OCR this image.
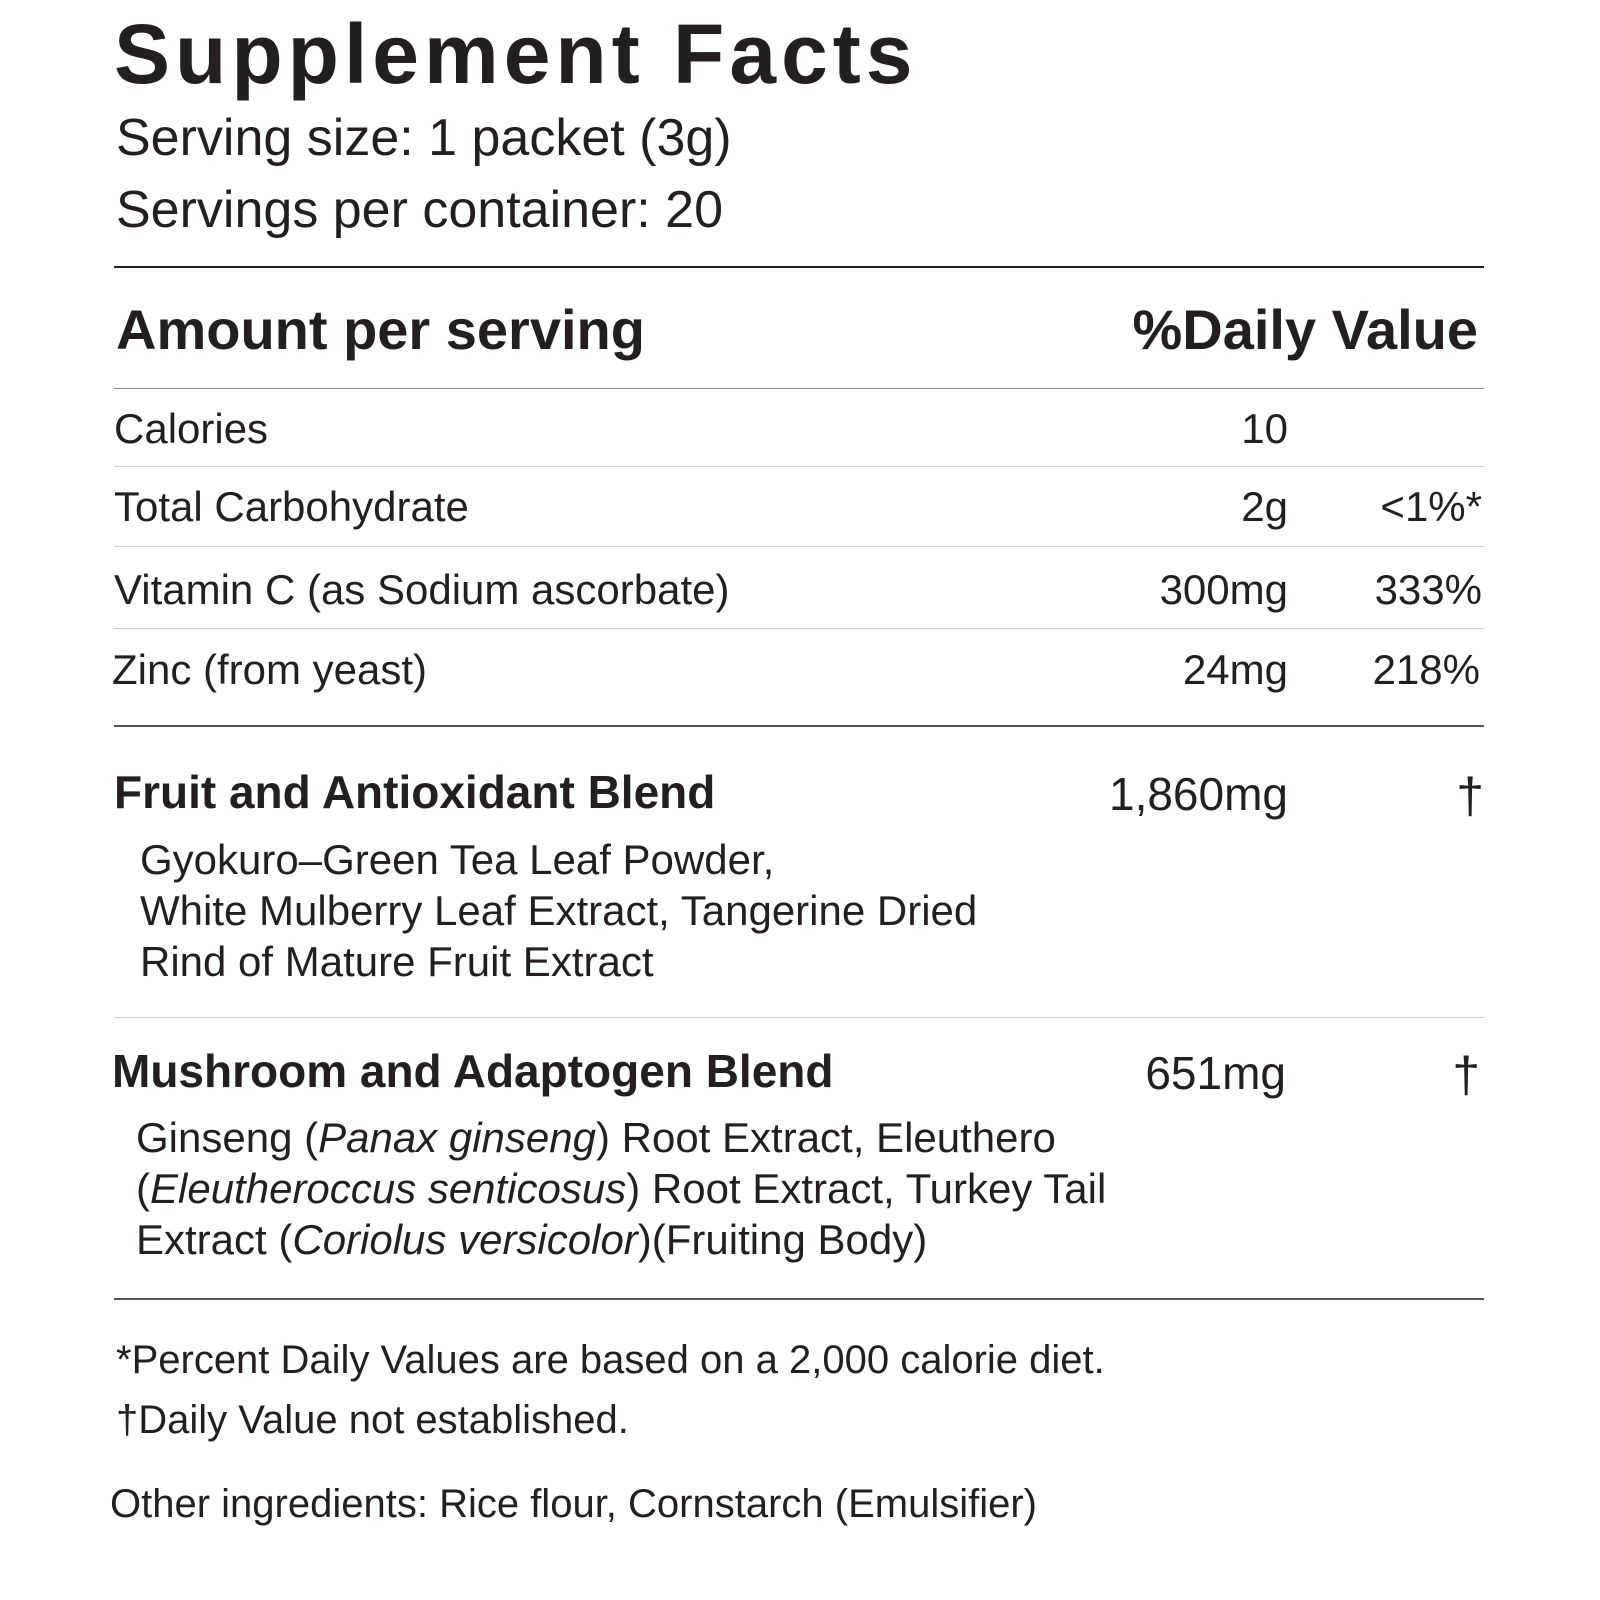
Supplement Facts
Serving size: 1 packet (3g)
Servings per container: 20
Amount per serving	%Daily Value
Calories	10
Total Carbohydrate	2g <1%*
Vitamin C (as Sodium ascorbate)	300mg 333%
Zinc (from yeast)	24mg 218%
Fruit and Antioxidant Blend	1,860mg	†
Gyokuro–Green Tea Leaf Powder,
White Mulberry Leaf Extract, Tangerine Dried
Rind of Mature Fruit Extract
Mushroom and Adaptogen Blend	651mg	†
Ginseng (Panax ginseng) Root Extract, Eleuthero
(Eleutheroccus senticosus) Root Extract, Turkey Tail
Extract (Coriolus versicolor)(Fruiting Body)
*Percent Daily Values are based on a 2,000 calorie diet.
†Daily Value not established.
Other ingredients: Rice flour, Cornstarch (Emulsifier)
